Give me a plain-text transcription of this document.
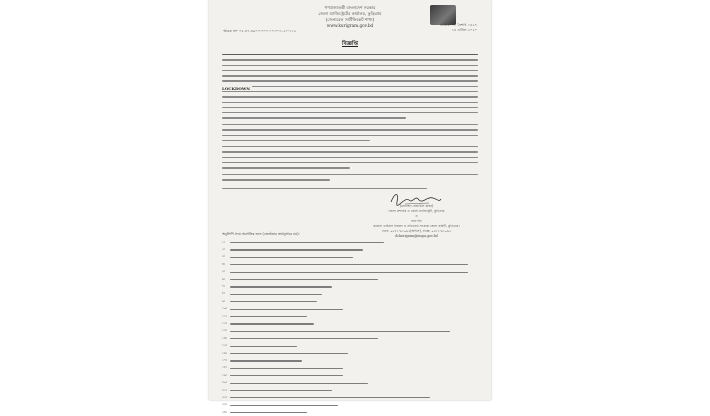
গণপ্রজাতন্ত্রী বাংলাদেশ সরকার
জেলা ম্যাজিস্ট্রেটের কার্যালয়, কুড়িগ্রাম
(জেনারেল সার্টিফিকেট শাখা)
www.kurigram.gov.bd
স্মারক নং- ০৫.৪৭.৪৯০০.০০০.০০.০০১.২০-১১২
তারিখ: ০১ বৈশাখ ১৪২৭
১৪ এপ্রিল ২০২০
বিজ্ঞপ্তি
LOCKDOWN
(মোহাম্মদ রেজাউল করিম)
জেলা প্রশাসক ও জেলা ম্যাজিস্ট্রেট, কুড়িগ্রাম
ও
সভাপতি
করোনা ভাইরাস নিয়ন্ত্রণ ও প্রতিরোধ সংক্রান্ত জেলা কমিটি, কুড়িগ্রাম।
ফোন: ০৫৮১-৬১০৬২(অফিস), ফ্যাক্স: ০৫৮১-৬১০৬৫
dckurigram@mopa.gov.bd
অনুলিপি সদয় অবগতির জন্য (জ্যেষ্ঠতার ক্রমানুসারে নয়):
১।
২।
৩।
৪।
৫।
৬।
৭।
৮।
৯।
১০।
১১।
১২।
১৩।
১৪।
১৫।
১৬।
১৭।
১৮।
১৯।
২০।
২১।
২২।
২৩।
২৪।
